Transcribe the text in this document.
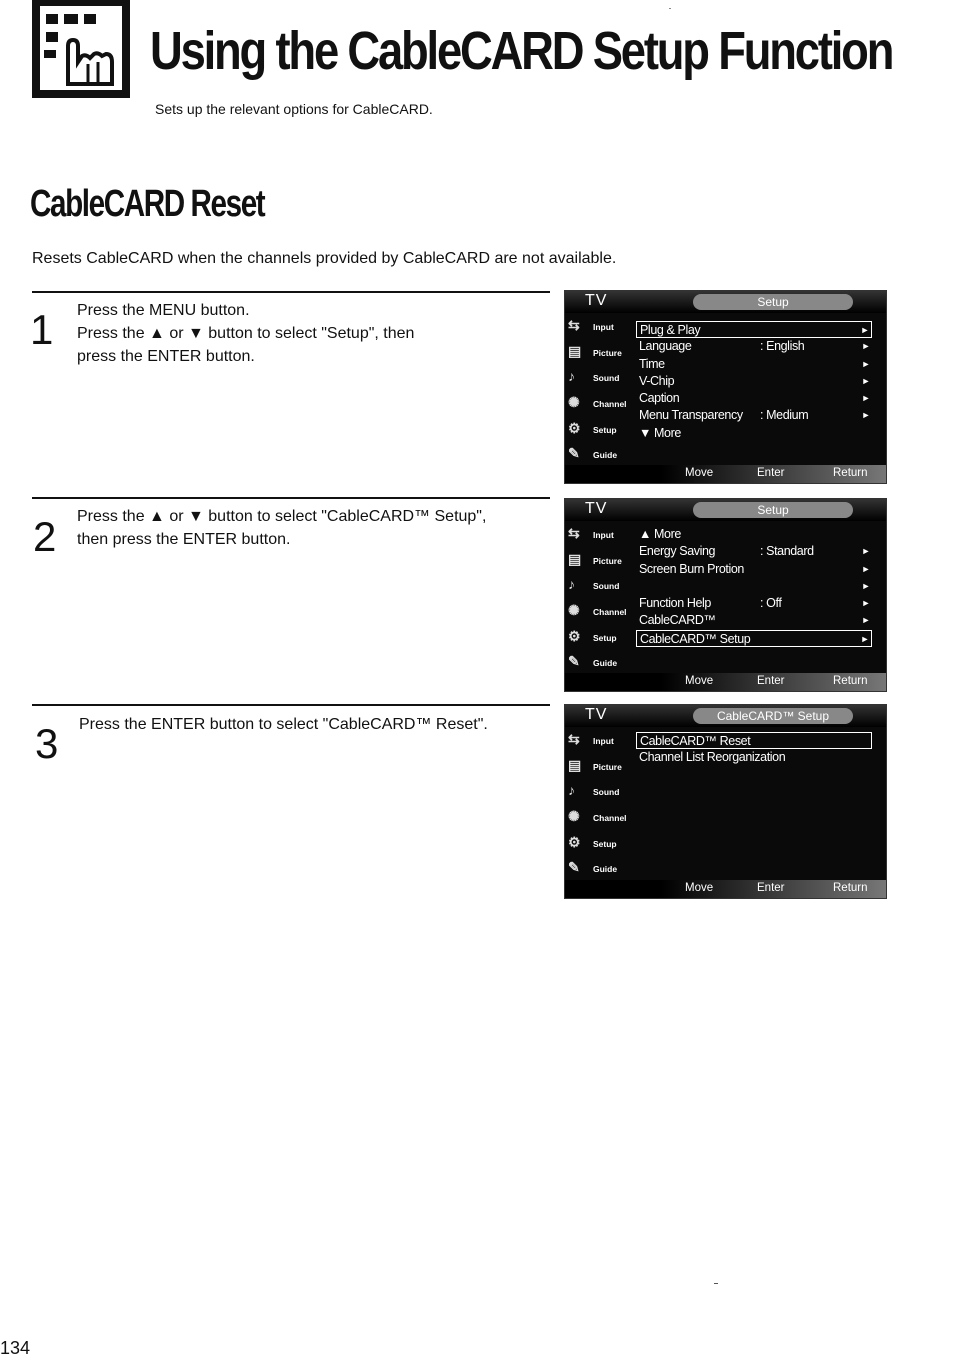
Using the CableCARD Setup Function
Sets up the relevant options for CableCARD.
CableCARD Reset
Resets CableCARD when the channels provided by CableCARD are not available.
1 Press the MENU button.
Press the ▲ or ▼ button to select "Setup", then
press the ENTER button.
2 Press the ▲ or ▼ button to select "CableCARD™ Setup",
then press the ENTER button.
3 Press the ENTER button to select "CableCARD™ Reset".
TV	Setup
⇆ Input
▤ Picture
♪ Sound
✺ Channel
⚙ Setup
✎ Guide
Plug & Play	►
Language	: English	►
Time	►
V-Chip	►
Caption	►
Menu Transparency : Medium	►
▼ More
Move	Enter	Return
TV	Setup
⇆ Input
▤ Picture
♪ Sound
✺ Channel
⚙ Setup
✎ Guide
▲ More
Energy Saving	: Standard	►
Screen Burn Protion	►
►
Function Help	: Off	►
CableCARD™	►
CableCARD™ Setup	►
Move	Enter	Return
TV	CableCARD™ Setup
⇆ Input
▤ Picture
♪ Sound
✺ Channel
⚙ Setup
✎ Guide
CableCARD™ Reset
Channel List Reorganization
Move	Enter	Return
134
